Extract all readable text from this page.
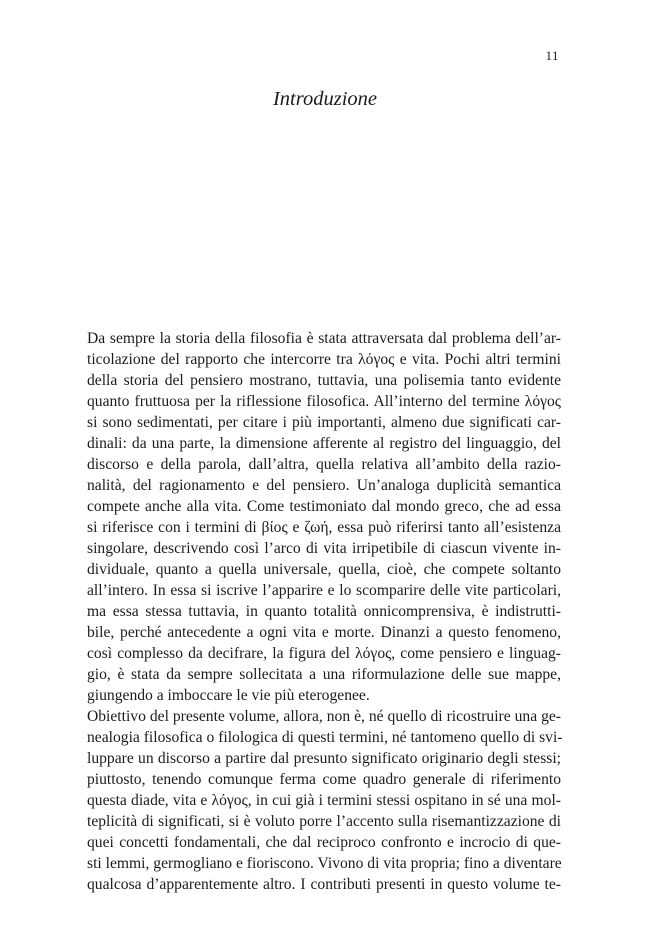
11
Introduzione
Da sempre la storia della filosofia è stata attraversata dal problema dell’ar-
ticolazione del rapporto che intercorre tra λόγος e vita. Pochi altri termini
della storia del pensiero mostrano, tuttavia, una polisemia tanto evidente
quanto fruttuosa per la riflessione filosofica. All’interno del termine λόγος
si sono sedimentati, per citare i più importanti, almeno due significati car-
dinali: da una parte, la dimensione afferente al registro del linguaggio, del
discorso e della parola, dall’altra, quella relativa all’ambito della razio-
nalità, del ragionamento e del pensiero. Un’analoga duplicità semantica
compete anche alla vita. Come testimoniato dal mondo greco, che ad essa
si riferisce con i termini di βίος e ζωή, essa può riferirsi tanto all’esistenza
singolare, descrivendo così l’arco di vita irripetibile di ciascun vivente in-
dividuale, quanto a quella universale, quella, cioè, che compete soltanto
all’intero. In essa si iscrive l’apparire e lo scomparire delle vite particolari,
ma essa stessa tuttavia, in quanto totalità onnicomprensiva, è indistrutti-
bile, perché antecedente a ogni vita e morte. Dinanzi a questo fenomeno,
così complesso da decifrare, la figura del λόγος, come pensiero e linguag-
gio, è stata da sempre sollecitata a una riformulazione delle sue mappe,
giungendo a imboccare le vie più eterogenee.
Obiettivo del presente volume, allora, non è, né quello di ricostruire una ge-
nealogia filosofica o filologica di questi termini, né tantomeno quello di svi-
luppare un discorso a partire dal presunto significato originario degli stessi;
piuttosto, tenendo comunque ferma come quadro generale di riferimento
questa diade, vita e λόγος, in cui già i termini stessi ospitano in sé una mol-
teplicità di significati, si è voluto porre l’accento sulla risemantizzazione di
quei concetti fondamentali, che dal reciproco confronto e incrocio di que-
sti lemmi, germogliano e fioriscono. Vivono di vita propria; fino a diventare
qualcosa d’apparentemente altro. I contributi presenti in questo volume te-
